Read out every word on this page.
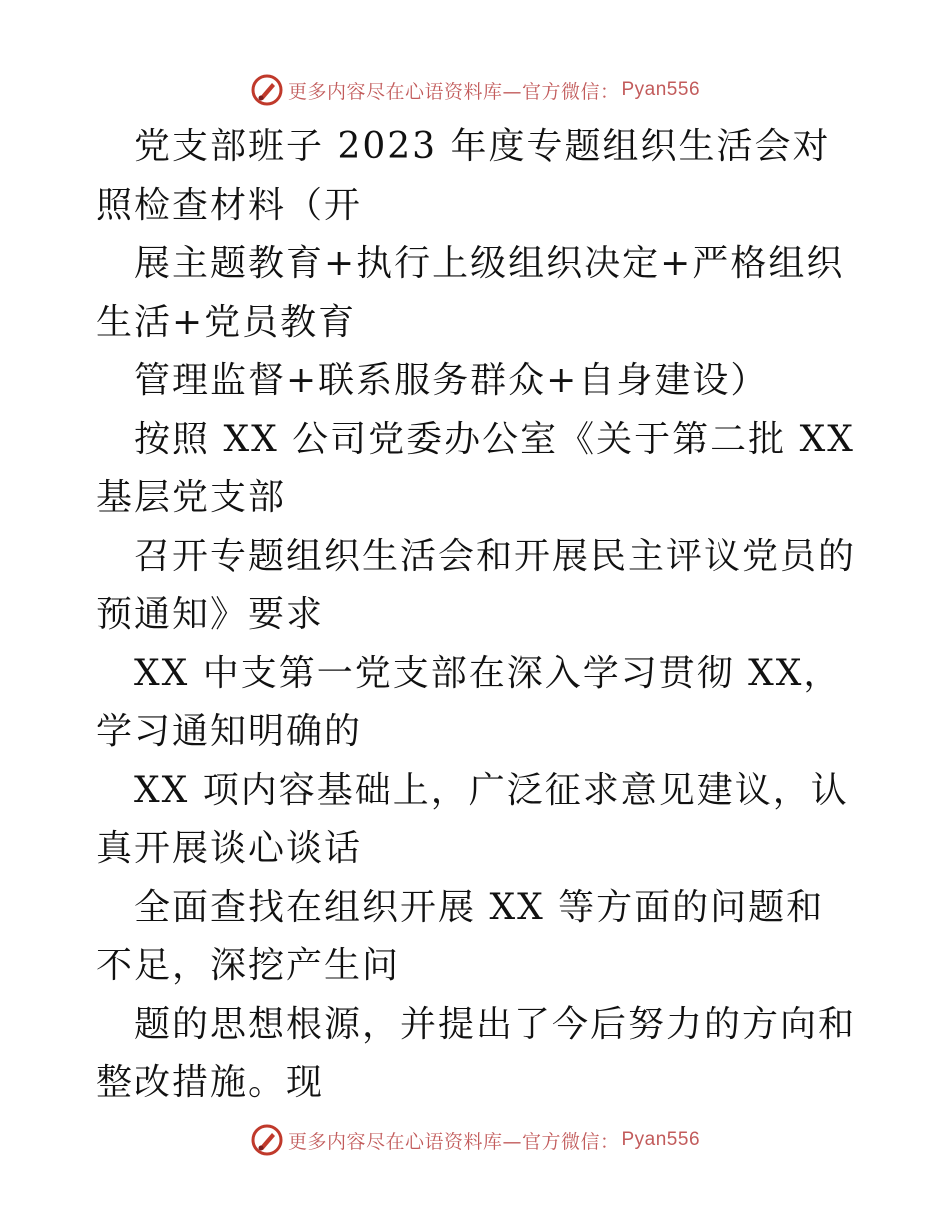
更多内容尽在心语资料库—官方微信： Pyan556

党支部班子 2023 年度专题组织生活会对照检查材料（开

展主题教育+执行上级组织决定+严格组织生活+党员教育

管理监督+联系服务群众+自身建设）

按照 XX 公司党委办公室《关于第二批 XX 基层党支部

召开专题组织生活会和开展民主评议党员的预通知》要求

XX 中支第一党支部在深入学习贯彻 XX，学习通知明确的

XX 项内容基础上，广泛征求意见建议，认真开展谈心谈话

全面查找在组织开展 XX 等方面的问题和不足，深挖产生问

题的思想根源，并提出了今后努力的方向和整改措施。现

更多内容尽在心语资料库—官方微信： Pyan556
